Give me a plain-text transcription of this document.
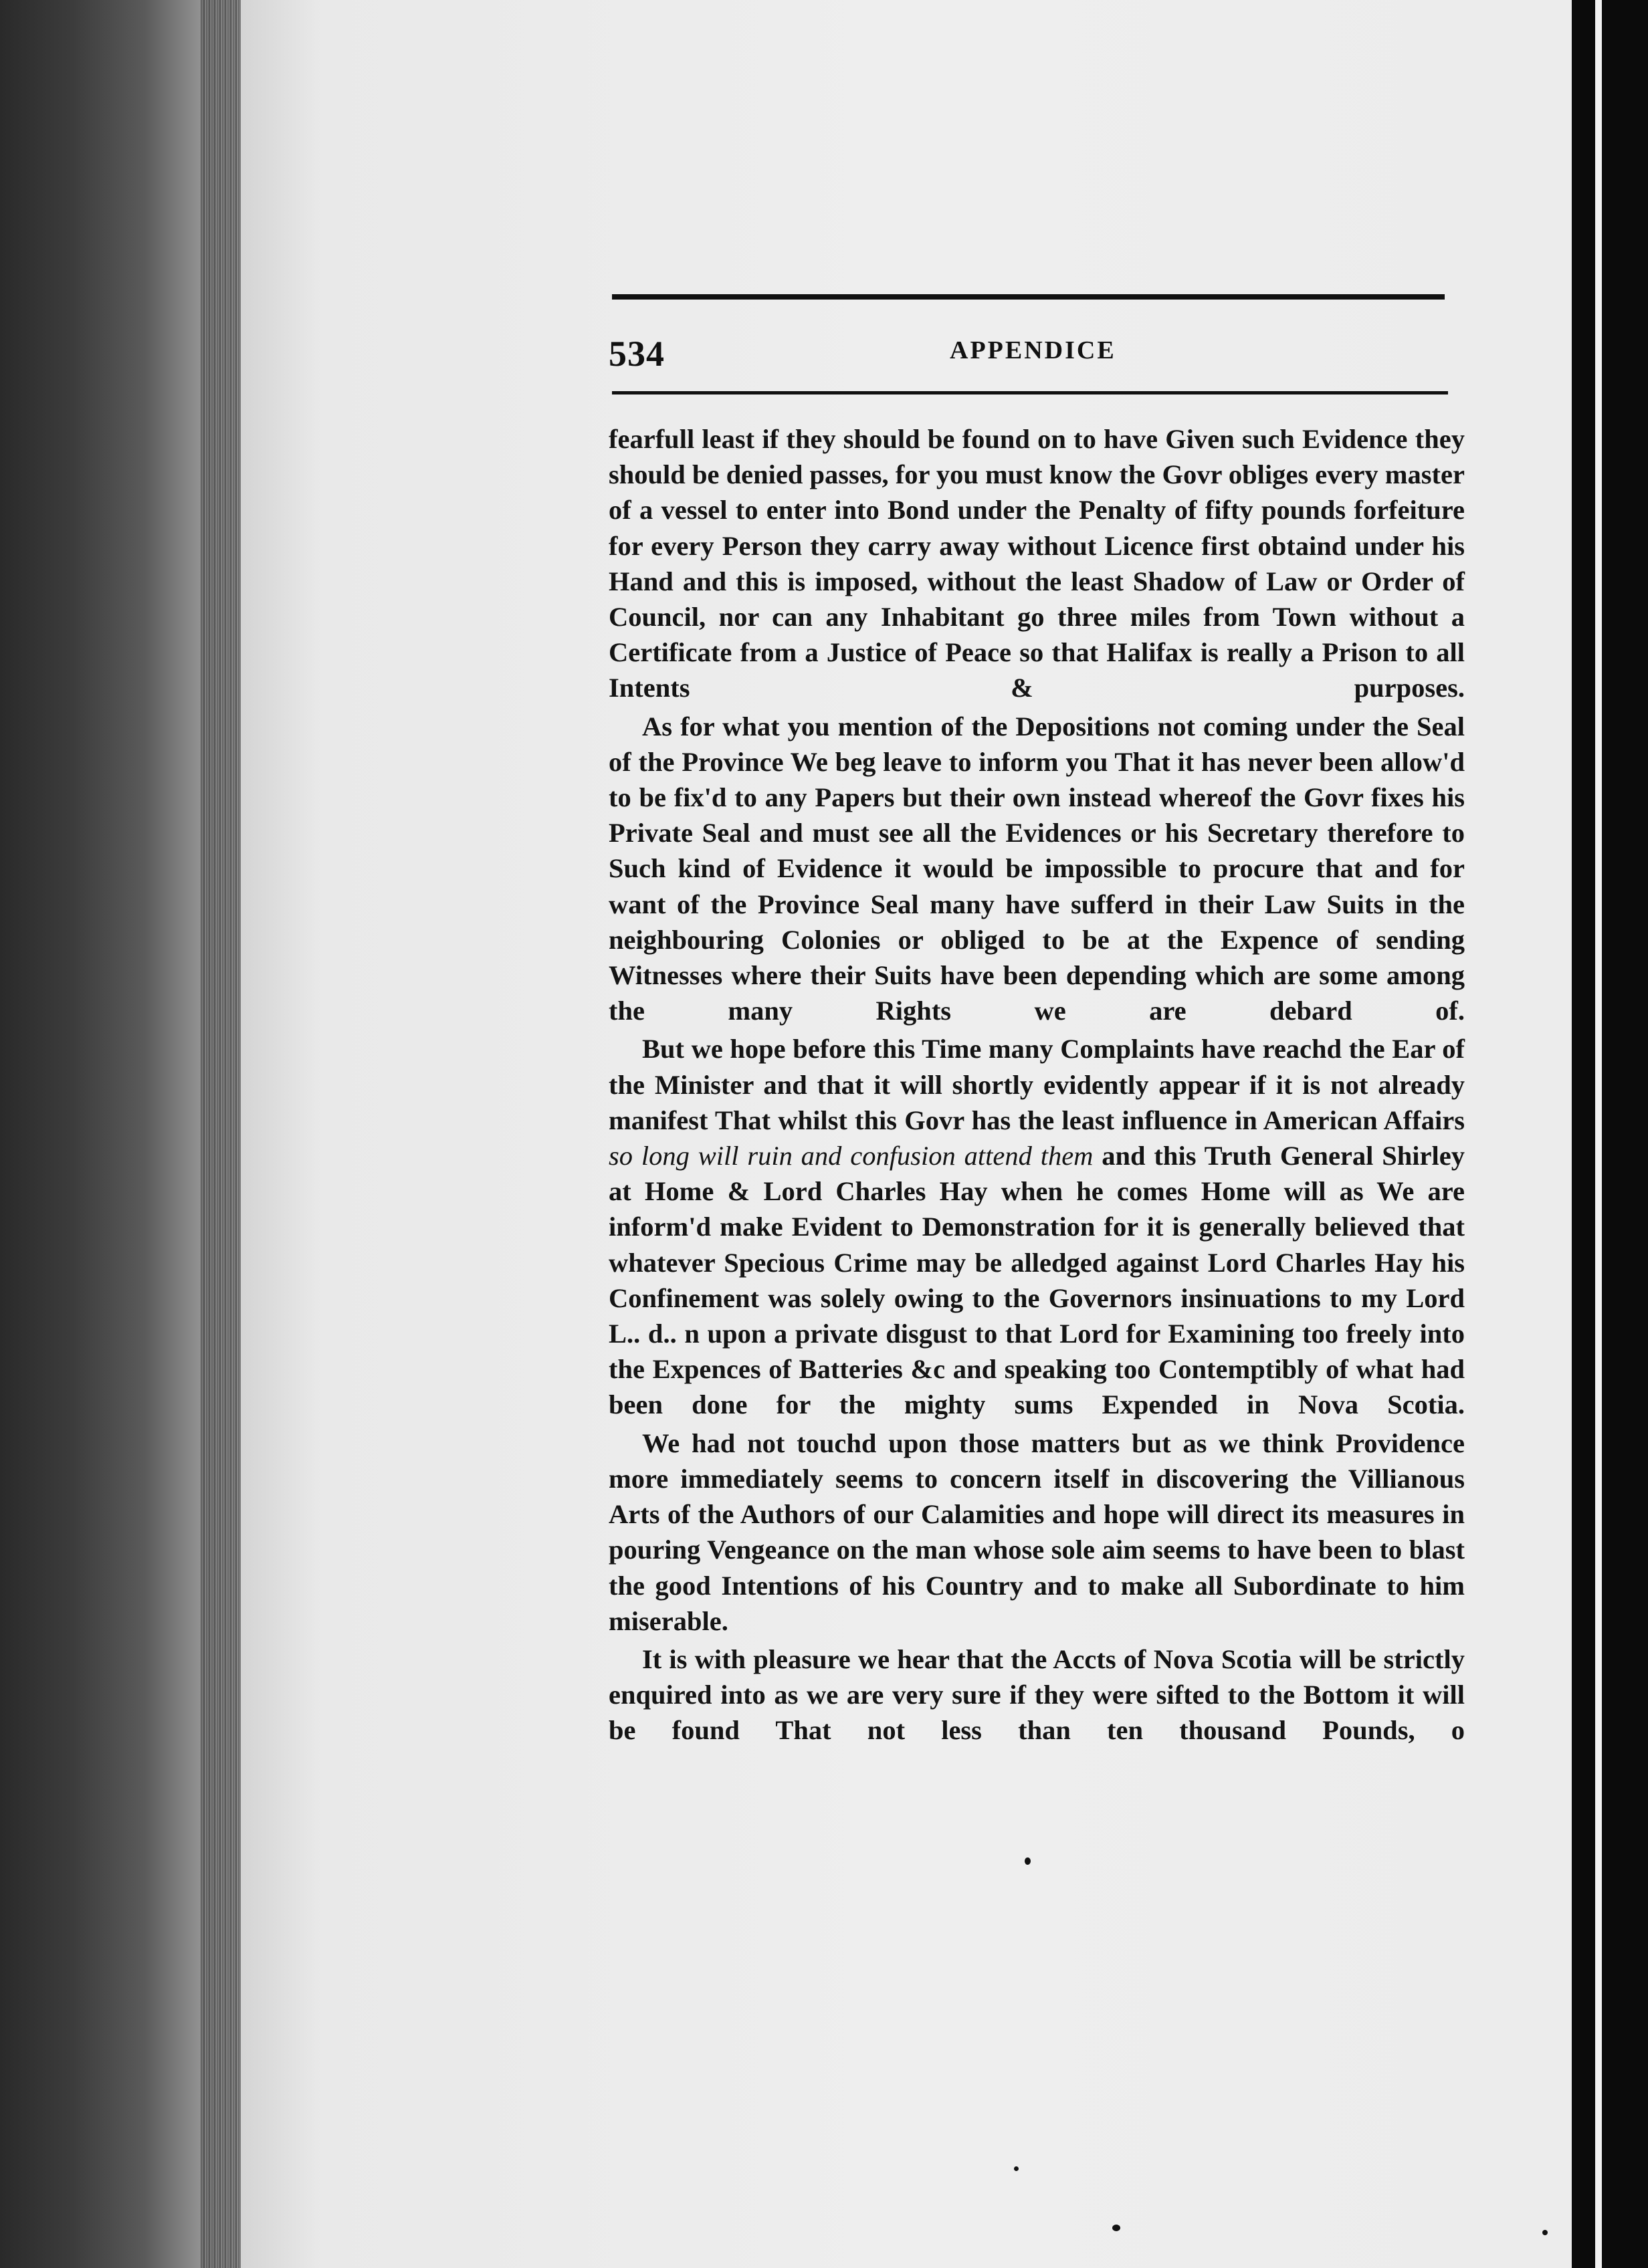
534	APPENDICE

fearfull least if they should be found on to have Given such Evidence they should be denied passes, for you must know the Govr obliges every master of a vessel to enter into Bond under the Penalty of fifty pounds forfeiture for every Person they carry away without Licence first obtaind under his Hand and this is imposed, without the least Shadow of Law or Order of Council, nor can any Inhabitant go three miles from Town without a Certificate from a Justice of Peace so that Halifax is really a Prison to all Intents & purposes.

As for what you mention of the Depositions not coming under the Seal of the Province We beg leave to inform you That it has never been allow'd to be fix'd to any Papers but their own instead whereof the Govr fixes his Private Seal and must see all the Evidences or his Secretary therefore to Such kind of Evidence it would be impossible to procure that and for want of the Province Seal many have sufferd in their Law Suits in the neighbouring Colonies or obliged to be at the Expence of sending Witnesses where their Suits have been depending which are some among the many Rights we are debard of.

But we hope before this Time many Complaints have reachd the Ear of the Minister and that it will shortly evidently appear if it is not already manifest That whilst this Govr has the least influence in American Affairs so long will ruin and confusion attend them and this Truth General Shirley at Home & Lord Charles Hay when he comes Home will as We are inform'd make Evident to Demonstration for it is generally believed that whatever Specious Crime may be alledged against Lord Charles Hay his Confinement was solely owing to the Governors insinuations to my Lord L.. d.. n upon a private disgust to that Lord for Examining too freely into the Expences of Batteries &c and speaking too Contemptibly of what had been done for the mighty sums Expended in Nova Scotia.

We had not touchd upon those matters but as we think Providence more immediately seems to concern itself in discovering the Villianous Arts of the Authors of our Calamities and hope will direct its measures in pouring Vengeance on the man whose sole aim seems to have been to blast the good Intentions of his Country and to make all Subordinate to him miserable.

It is with pleasure we hear that the Accts of Nova Scotia will be strictly enquired into as we are very sure if they were sifted to the Bottom it will be found That not less than ten thousand Pounds, o
